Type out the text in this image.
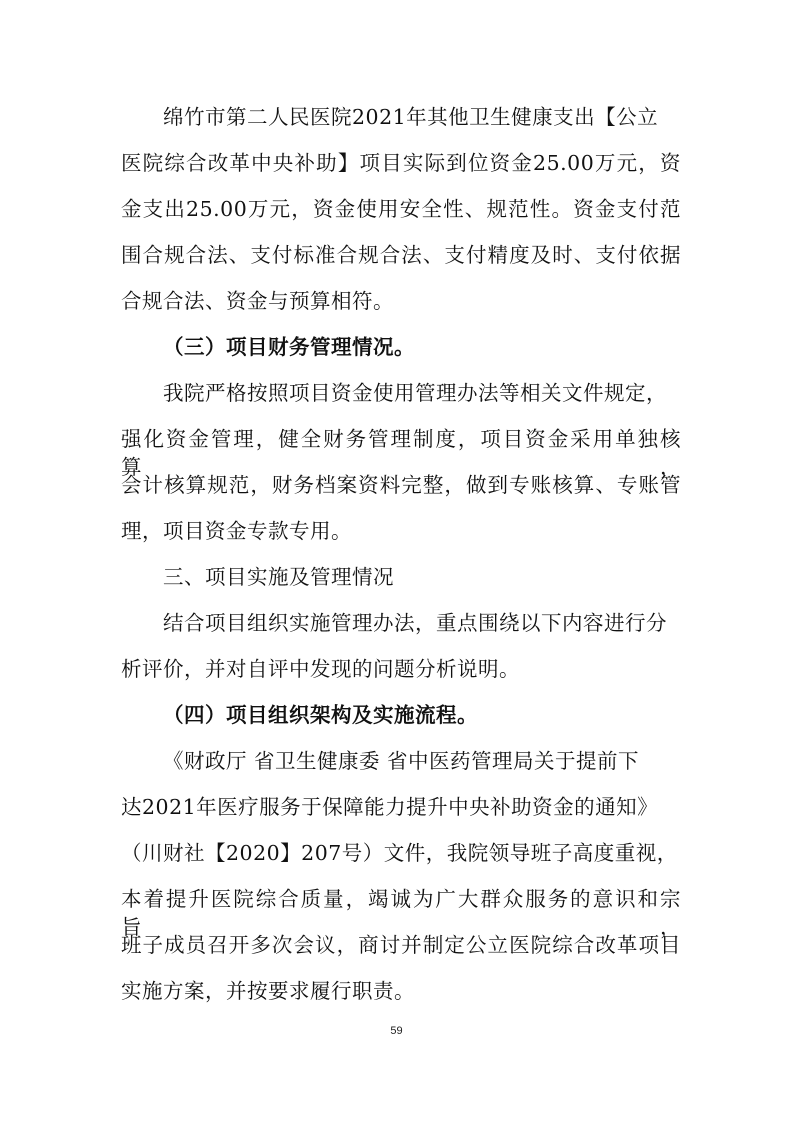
绵竹市第二人民医院2021年其他卫生健康支出【公立
医院综合改革中央补助】项目实际到位资金25.00万元，资
金支出25.00万元，资金使用安全性、规范性。资金支付范
围合规合法、支付标准合规合法、支付精度及时、支付依据
合规合法、资金与预算相符。
（三）项目财务管理情况。
我院严格按照项目资金使用管理办法等相关文件规定，
强化资金管理，健全财务管理制度，项目资金采用单独核算，
会计核算规范，财务档案资料完整，做到专账核算、专账管
理，项目资金专款专用。
三、项目实施及管理情况
结合项目组织实施管理办法，重点围绕以下内容进行分
析评价，并对自评中发现的问题分析说明。
（四）项目组织架构及实施流程。
《财政厅 省卫生健康委 省中医药管理局关于提前下
达2021年医疗服务于保障能力提升中央补助资金的通知》
（川财社【2020】207号）文件，我院领导班子高度重视，
本着提升医院综合质量，竭诚为广大群众服务的意识和宗旨，
班子成员召开多次会议，商讨并制定公立医院综合改革项目
实施方案，并按要求履行职责。
59
